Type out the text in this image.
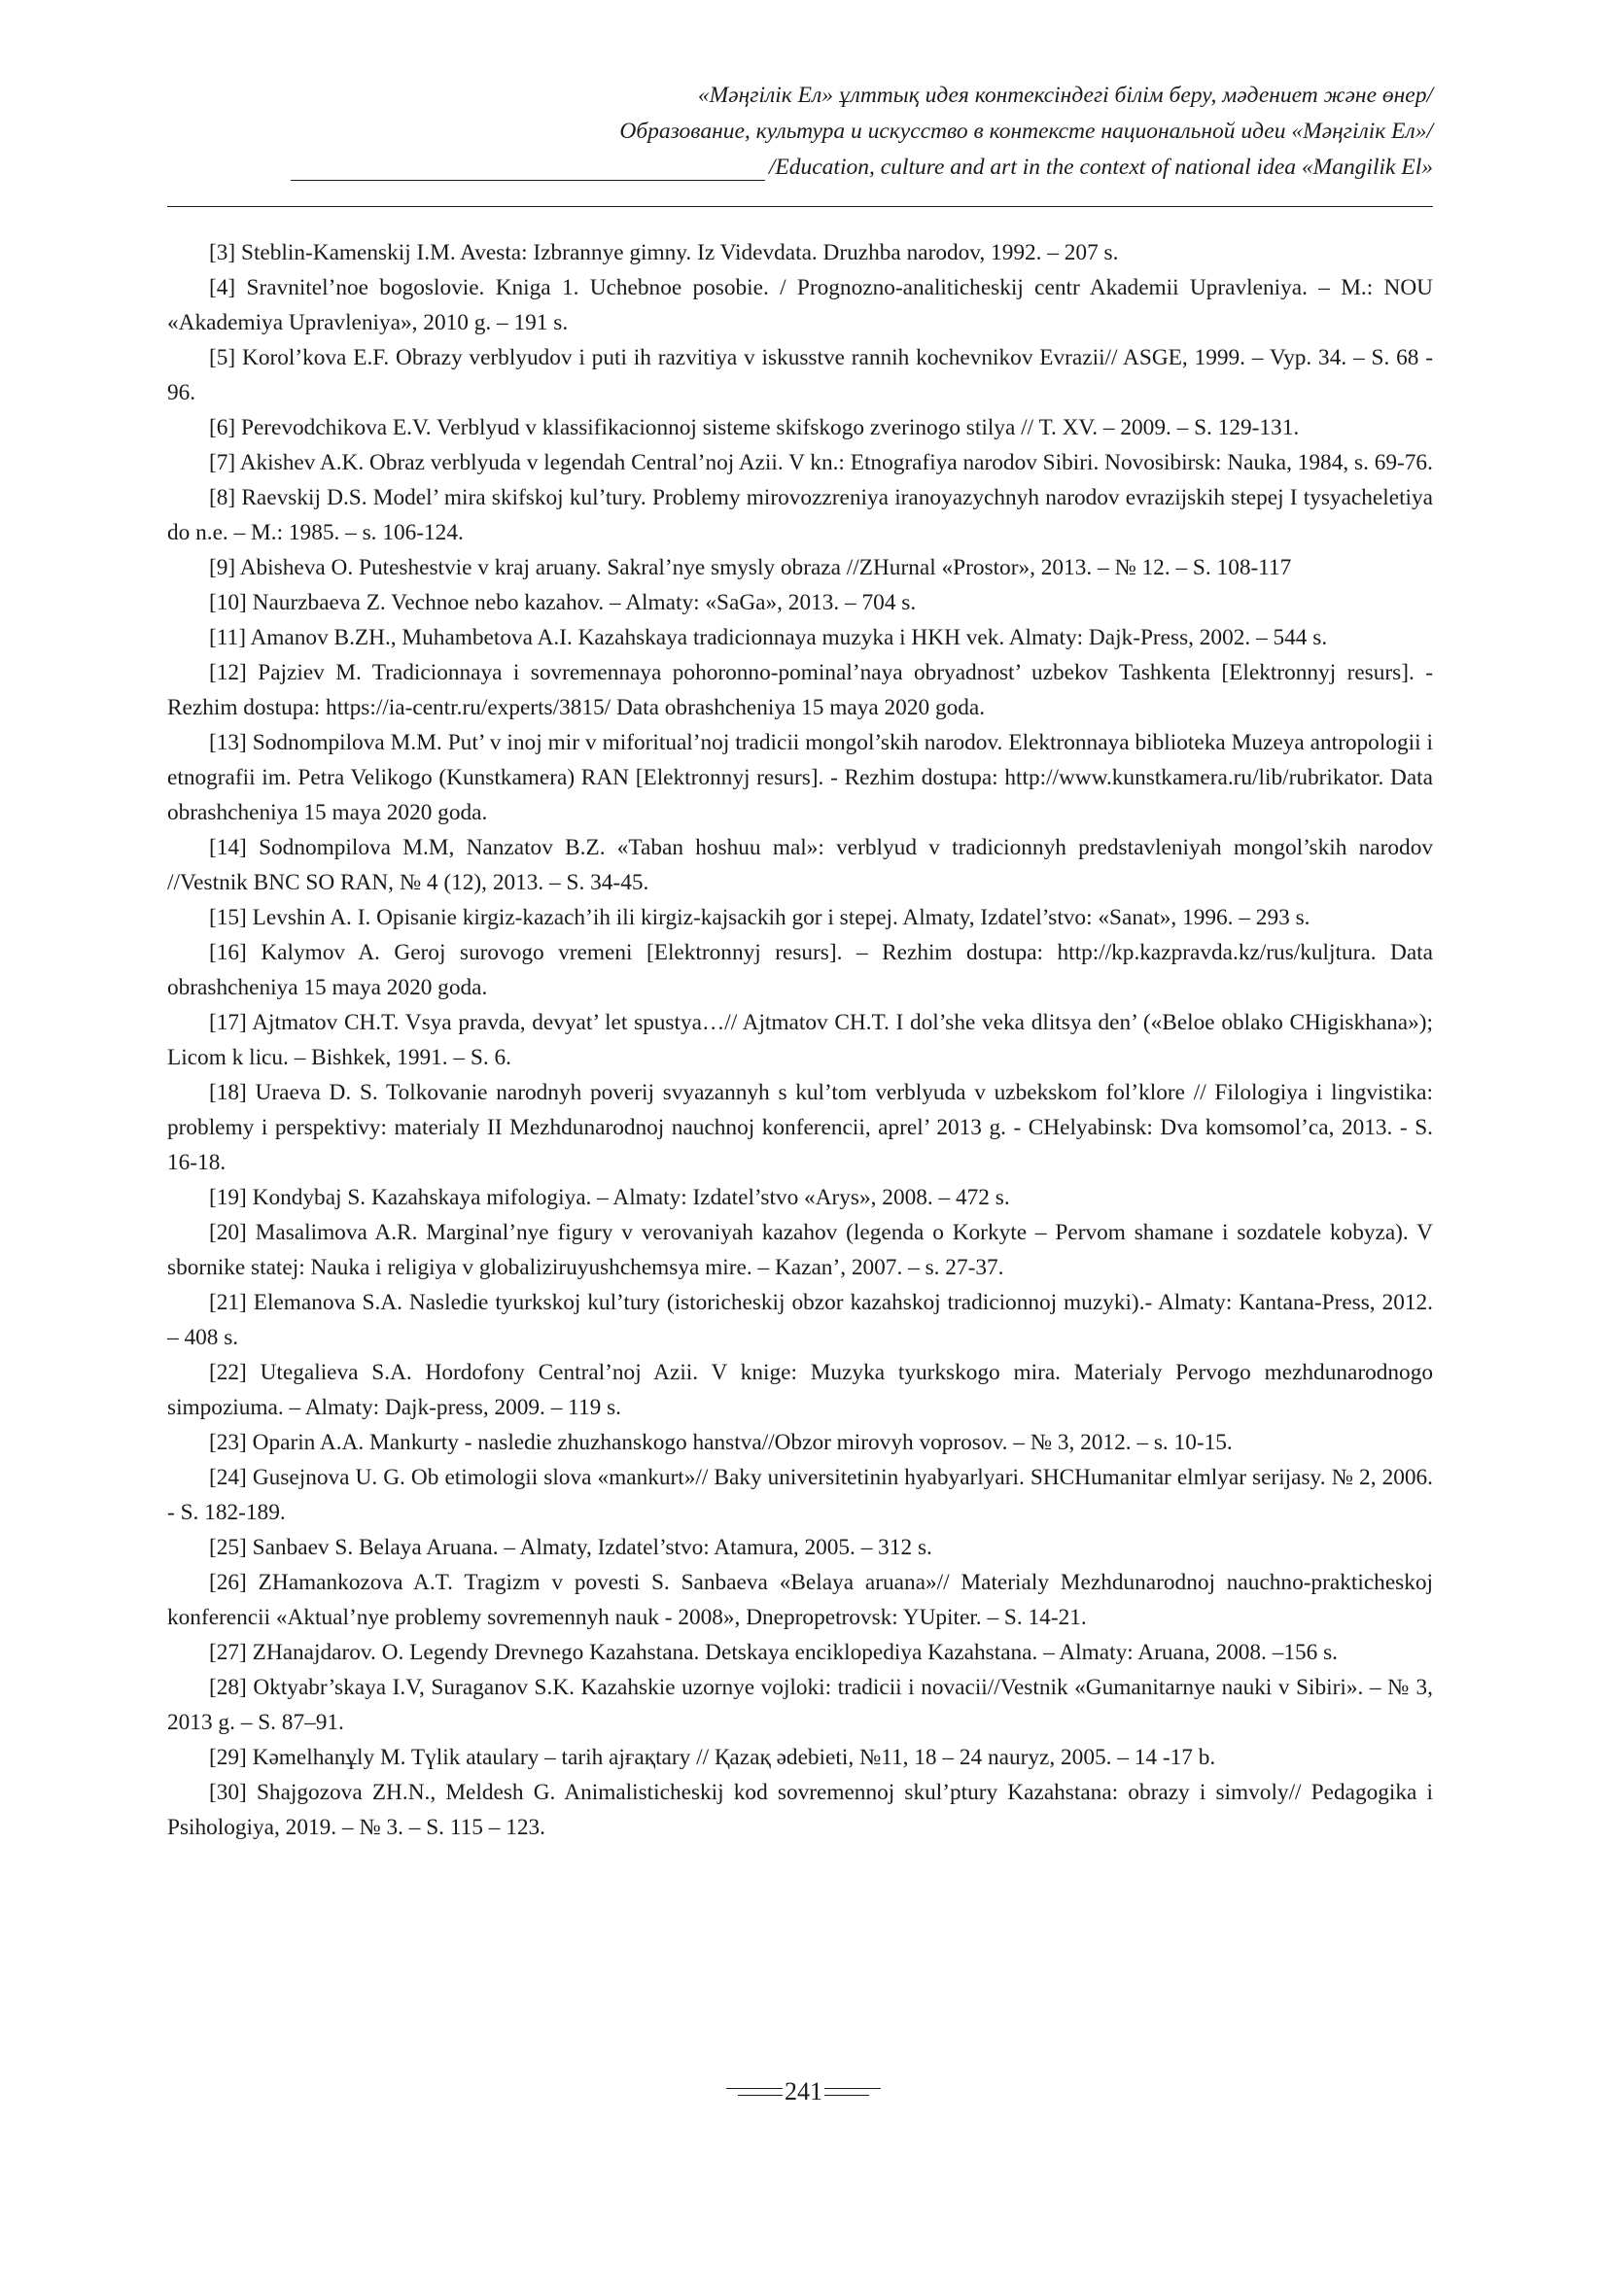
«Мәңгілік Ел» ұлттық идея контексіндегі білім беру, мәдениет және өнер/
Образование, культура и искусство в контексте национальной идеи «Мәңгілік Ел»/
/Education, culture and art in the context of national idea «Mangilik El»

[3] Steblin-Kamenskij I.M. Avesta: Izbrannye gimny. Iz Videvdata. Druzhba narodov, 1992. – 207 s.

[4] Sravnitel’noe bogoslovie. Kniga 1. Uchebnoe posobie. / Prognozno-analiticheskij centr Akademii Upravleniya. – M.: NOU «Akademiya Upravleniya», 2010 g. – 191 s.

[5] Korol’kova E.F. Obrazy verblyudov i puti ih razvitiya v iskusstve rannih kochevnikov Evrazii// ASGE, 1999. – Vyp. 34. – S. 68 - 96.

[6] Perevodchikova E.V. Verblyud v klassifikacionnoj sisteme skifskogo zverinogo stilya // T. XV. – 2009. – S. 129-131.

[7] Akishev A.K. Obraz verblyuda v legendah Central’noj Azii. V kn.: Etnografiya narodov Sibiri. Novosibirsk: Nauka, 1984, s. 69-76.

[8] Raevskij D.S. Model’ mira skifskoj kul’tury. Problemy mirovozzreniya iranoyazychnyh narodov evrazijskih stepej I tysyacheletiya do n.e. – M.: 1985. – s. 106-124.

[9] Abisheva O. Puteshestvie v kraj aruany. Sakral’nye smysly obraza //ZHurnal «Prostor», 2013. – № 12. – S. 108-117

[10] Naurzbaeva Z. Vechnoe nebo kazahov. – Almaty: «SaGa», 2013. – 704 s.

[11] Amanov B.ZH., Muhambetova A.I. Kazahskaya tradicionnaya muzyka i HKH vek. Almaty: Dajk-Press, 2002. – 544 s.

[12] Pajziev M. Tradicionnaya i sovremennaya pohoronno-pominal’naya obryadnost’ uzbekov Tashkenta [Elektronnyj resurs]. - Rezhim dostupa: https://ia-centr.ru/experts/3815/ Data obrashcheniya 15 maya 2020 goda.

[13] Sodnompilova M.M. Put’ v inoj mir v miforitual’noj tradicii mongol’skih narodov. Elektronnaya biblioteka Muzeya antropologii i etnografii im. Petra Velikogo (Kunstkamera) RAN [Elektronnyj resurs]. - Rezhim dostupa: http://www.kunstkamera.ru/lib/rubrikator. Data obrashcheniya 15 maya 2020 goda.

[14] Sodnompilova M.M, Nanzatov B.Z. «Taban hoshuu mal»: verblyud v tradicionnyh predstavleniyah mongol’skih narodov //Vestnik BNC SO RAN, № 4 (12), 2013. – S. 34-45.

[15] Levshin A. I. Opisanie kirgiz-kazach’ih ili kirgiz-kajsackih gor i stepej. Almaty, Izdatel’stvo: «Sanat», 1996. – 293 s.

[16] Kalymov A. Geroj surovogo vremeni [Elektronnyj resurs]. – Rezhim dostupa: http://kp.kazpravda.kz/rus/kuljtura. Data obrashcheniya 15 maya 2020 goda.

[17] Ajtmatov CH.T. Vsya pravda, devyat’ let spustya…// Ajtmatov CH.T. I dol’she veka dlitsya den’ («Beloe oblako CHigiskhana»); Licom k licu. – Bishkek, 1991. – S. 6.

[18] Uraeva D. S. Tolkovanie narodnyh poverij svyazannyh s kul’tom verblyuda v uzbekskom fol’klore // Filologiya i lingvistika: problemy i perspektivy: materialy II Mezhdunarodnoj nauchnoj konferencii, aprel’ 2013 g. - CHelyabinsk: Dva komsomol’ca, 2013. - S. 16-18.

[19] Kondybaj S. Kazahskaya mifologiya. – Almaty: Izdatel’stvo «Arys», 2008. – 472 s.

[20] Masalimova A.R. Marginal’nye figury v verovaniyah kazahov (legenda o Korkyte – Pervom shamane i sozdatele kobyza). V sbornike statej: Nauka i religiya v globaliziruyushchemsya mire. – Kazan’, 2007. – s. 27-37.

[21] Elemanova S.A. Nasledie tyurkskoj kul’tury (istoricheskij obzor kazahskoj tradicionnoj muzyki).- Almaty: Kantana-Press, 2012. – 408 s.

[22] Utegalieva S.A. Hordofony Central’noj Azii. V knige: Muzyka tyurkskogo mira. Materialy Pervogo mezhdunarodnogo simpoziuma. – Almaty: Dajk-press, 2009. – 119 s.

[23] Oparin A.A. Mankurty - nasledie zhuzhanskogo hanstva//Obzor mirovyh voprosov. – № 3, 2012. – s. 10-15.

[24] Gusejnova U. G. Ob etimologii slova «mankurt»// Baky universitetinin hyabyarlyari. SHCHumanitar elmlyar serijasy. № 2, 2006. - S. 182-189.

[25] Sanbaev S. Belaya Aruana. – Almaty, Izdatel’stvo: Atamura, 2005. – 312 s.

[26] ZHamankozova A.T. Tragizm v povesti S. Sanbaeva «Belaya aruana»// Materialy Mezhdunarodnoj nauchno-prakticheskoj konferencii «Aktual’nye problemy sovremennyh nauk - 2008», Dnepropetrovsk: YUpiter. – S. 14-21.

[27] ZHanajdarov. O. Legendy Drevnego Kazahstana. Detskaya enciklopediya Kazahstana. – Almaty: Aruana, 2008. –156 s.

[28] Oktyabr’skaya I.V, Suraganov S.K. Kazahskie uzornye vojloki: tradicii i novacii//Vestnik «Gumanitarnye nauki v Sibiri». – № 3, 2013 g. – S. 87–91.

[29] Kəmelhanұly M. Tүlik ataulary – tarih ajғaқtary // Қazaқ ədebieti, №11, 18 – 24 nauryz, 2005. – 14 -17 b.

[30] Shajgozova ZH.N., Meldesh G. Animalisticheskij kod sovremennoj skul’ptury Kazahstana: obrazy i simvoly// Pedagogika i Psihologiya, 2019. – № 3. – S. 115 – 123.

241
